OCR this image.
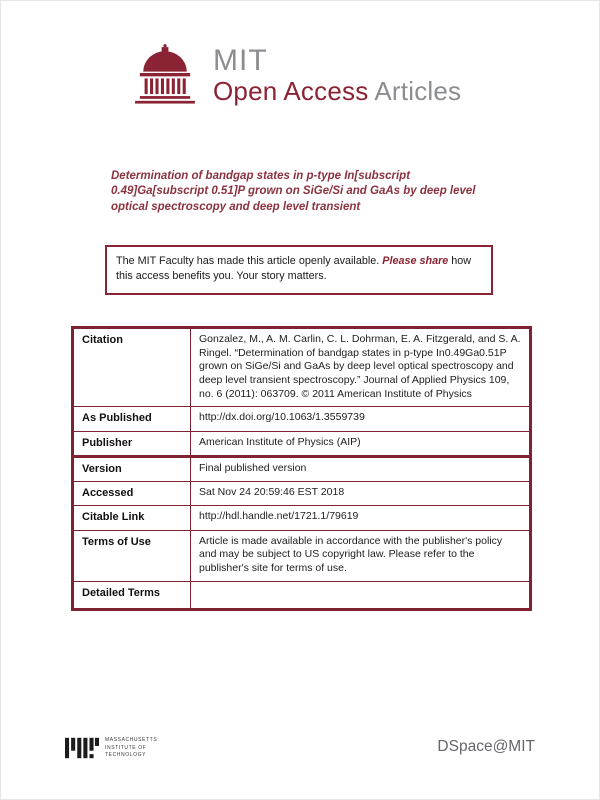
MIT
Open Access Articles
Determination of bandgap states in p-type In[subscript 0.49]Ga[subscript 0.51]P grown on SiGe/Si and GaAs by deep level optical spectroscopy and deep level transient
The MIT Faculty has made this article openly available. Please share how this access benefits you. Your story matters.
Citation	Gonzalez, M., A. M. Carlin, C. L. Dohrman, E. A. Fitzgerald, and S. A. Ringel. “Determination of bandgap states in p-type In0.49Ga0.51P grown on SiGe/Si and GaAs by deep level optical spectroscopy and deep level transient spectroscopy.” Journal of Applied Physics 109, no. 6 (2011): 063709. © 2011 American Institute of Physics
As Published	http://dx.doi.org/10.1063/1.3559739
Publisher	American Institute of Physics (AIP)
Version	Final published version
Accessed	Sat Nov 24 20:59:46 EST 2018
Citable Link	http://hdl.handle.net/1721.1/79619
Terms of Use	Article is made available in accordance with the publisher's policy and may be subject to US copyright law. Please refer to the publisher's site for terms of use.
Detailed Terms	
MASSACHUSETTS INSTITUTE OF TECHNOLOGY	DSpace@MIT
